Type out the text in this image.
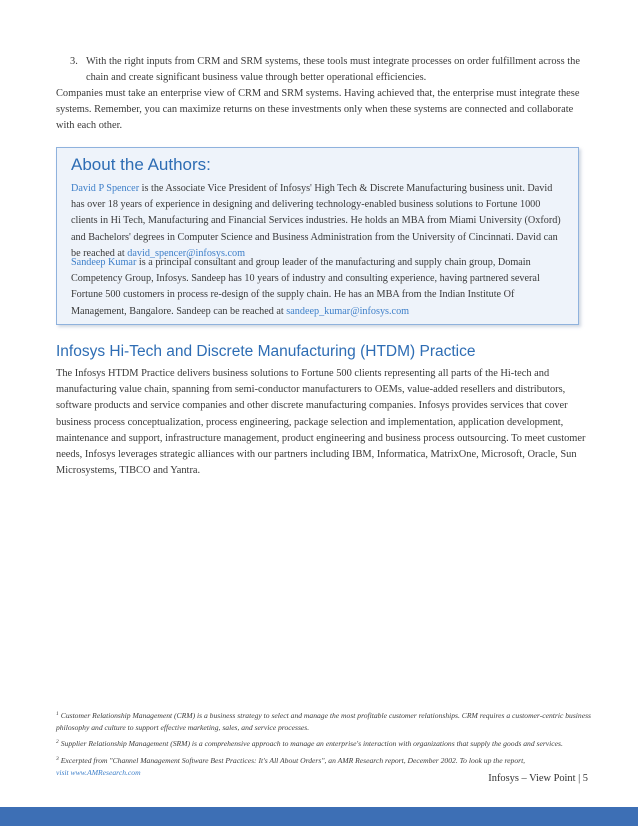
3. With the right inputs from CRM and SRM systems, these tools must integrate processes on order fulfillment across the chain and create significant business value through better operational efficiencies.
Companies must take an enterprise view of CRM and SRM systems. Having achieved that, the enterprise must integrate these systems. Remember, you can maximize returns on these investments only when these systems are connected and collaborate with each other.
About the Authors:
David P Spencer is the Associate Vice President of Infosys' High Tech & Discrete Manufacturing business unit. David has over 18 years of experience in designing and delivering technology-enabled business solutions to Fortune 1000 clients in Hi Tech, Manufacturing and Financial Services industries. He holds an MBA from Miami University (Oxford) and Bachelors' degrees in Computer Science and Business Administration from the University of Cincinnati. David can be reached at david_spencer@infosys.com
Sandeep Kumar is a principal consultant and group leader of the manufacturing and supply chain group, Domain Competency Group, Infosys. Sandeep has 10 years of industry and consulting experience, having partnered several Fortune 500 customers in process re-design of the supply chain. He has an MBA from the Indian Institute Of Management, Bangalore. Sandeep can be reached at sandeep_kumar@infosys.com
Infosys Hi-Tech and Discrete Manufacturing (HTDM) Practice
The Infosys HTDM Practice delivers business solutions to Fortune 500 clients representing all parts of the Hi-tech and manufacturing value chain, spanning from semi-conductor manufacturers to OEMs, value-added resellers and distributors, software products and service companies and other discrete manufacturing companies. Infosys provides services that cover business process conceptualization, process engineering, package selection and implementation, application development, maintenance and support, infrastructure management, product engineering and business process outsourcing. To meet customer needs, Infosys leverages strategic alliances with our partners including IBM, Informatica, MatrixOne, Microsoft, Oracle, Sun Microsystems, TIBCO and Yantra.

$^1$ Customer Relationship Management (CRM) is a business strategy to select and manage the most profitable customer relationships. CRM requires a customer-centric business philosophy and culture to support effective marketing, sales, and service processes.

$^2$ Supplier Relationship Management (SRM) is a comprehensive approach to manage an enterprise's interaction with organizations that supply the goods and services.

$^3$ Excerpted from "Channel Management Software Best Practices: It's All About Orders", an AMR Research report, December 2002. To look up the report,
visit www.AMResearch.com

Infosys – View Point | 5
